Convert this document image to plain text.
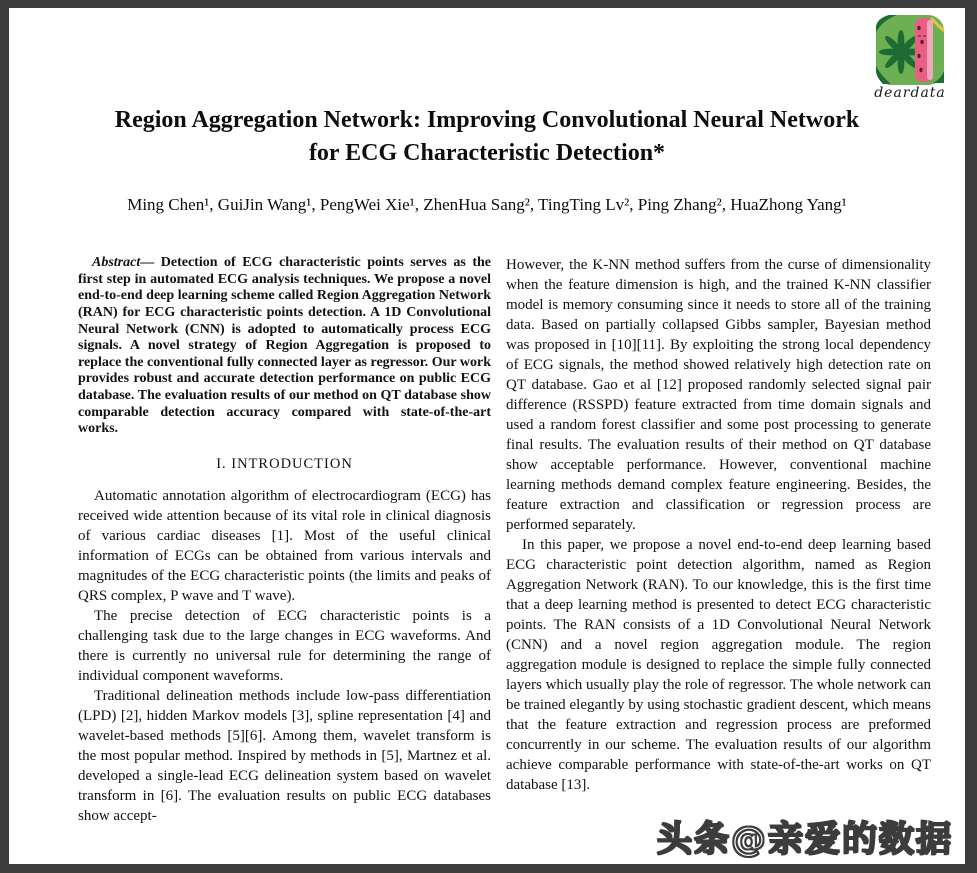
deardata
Region Aggregation Network: Improving Convolutional Neural Network
for ECG Characteristic Detection*
Ming Chen¹, GuiJin Wang¹, PengWei Xie¹, ZhenHua Sang², TingTing Lv², Ping Zhang², HuaZhong Yang¹

Abstract— Detection of ECG characteristic points serves as the first step in automated ECG analysis techniques. We propose a novel end-to-end deep learning scheme called Region Aggregation Network (RAN) for ECG characteristic points detection. A 1D Convolutional Neural Network (CNN) is adopted to automatically process ECG signals. A novel strategy of Region Aggregation is proposed to replace the conventional fully connected layer as regressor. Our work provides robust and accurate detection performance on public ECG database. The evaluation results of our method on QT database show comparable detection accuracy compared with state-of-the-art works.

I. INTRODUCTION

Automatic annotation algorithm of electrocardiogram (ECG) has received wide attention because of its vital role in clinical diagnosis of various cardiac diseases [1]. Most of the useful clinical information of ECGs can be obtained from various intervals and magnitudes of the ECG characteristic points (the limits and peaks of QRS complex, P wave and T wave).

The precise detection of ECG characteristic points is a challenging task due to the large changes in ECG waveforms. And there is currently no universal rule for determining the range of individual component waveforms.

Traditional delineation methods include low-pass differentiation (LPD) [2], hidden Markov models [3], spline representation [4] and wavelet-based methods [5][6]. Among them, wavelet transform is the most popular method. Inspired by methods in [5], Martnez et al. developed a single-lead ECG delineation system based on wavelet transform in [6]. The evaluation results on public ECG databases show accept-

However, the K-NN method suffers from the curse of dimensionality when the feature dimension is high, and the trained K-NN classifier model is memory consuming since it needs to store all of the training data. Based on partially collapsed Gibbs sampler, Bayesian method was proposed in [10][11]. By exploiting the strong local dependency of ECG signals, the method showed relatively high detection rate on QT database. Gao et al [12] proposed randomly selected signal pair difference (RSSPD) feature extracted from time domain signals and used a random forest classifier and some post processing to generate final results. The evaluation results of their method on QT database show acceptable performance. However, conventional machine learning methods demand complex feature engineering. Besides, the feature extraction and classification or regression process are performed separately.

In this paper, we propose a novel end-to-end deep learning based ECG characteristic point detection algorithm, named as Region Aggregation Network (RAN). To our knowledge, this is the first time that a deep learning method is presented to detect ECG characteristic points. The RAN consists of a 1D Convolutional Neural Network (CNN) and a novel region aggregation module. The region aggregation module is designed to replace the simple fully connected layers which usually play the role of regressor. The whole network can be trained elegantly by using stochastic gradient descent, which means that the feature extraction and regression process are preformed concurrently in our scheme. The evaluation results of our algorithm achieve comparable performance with state-of-the-art works on QT database [13].

头条@亲爱的数据
